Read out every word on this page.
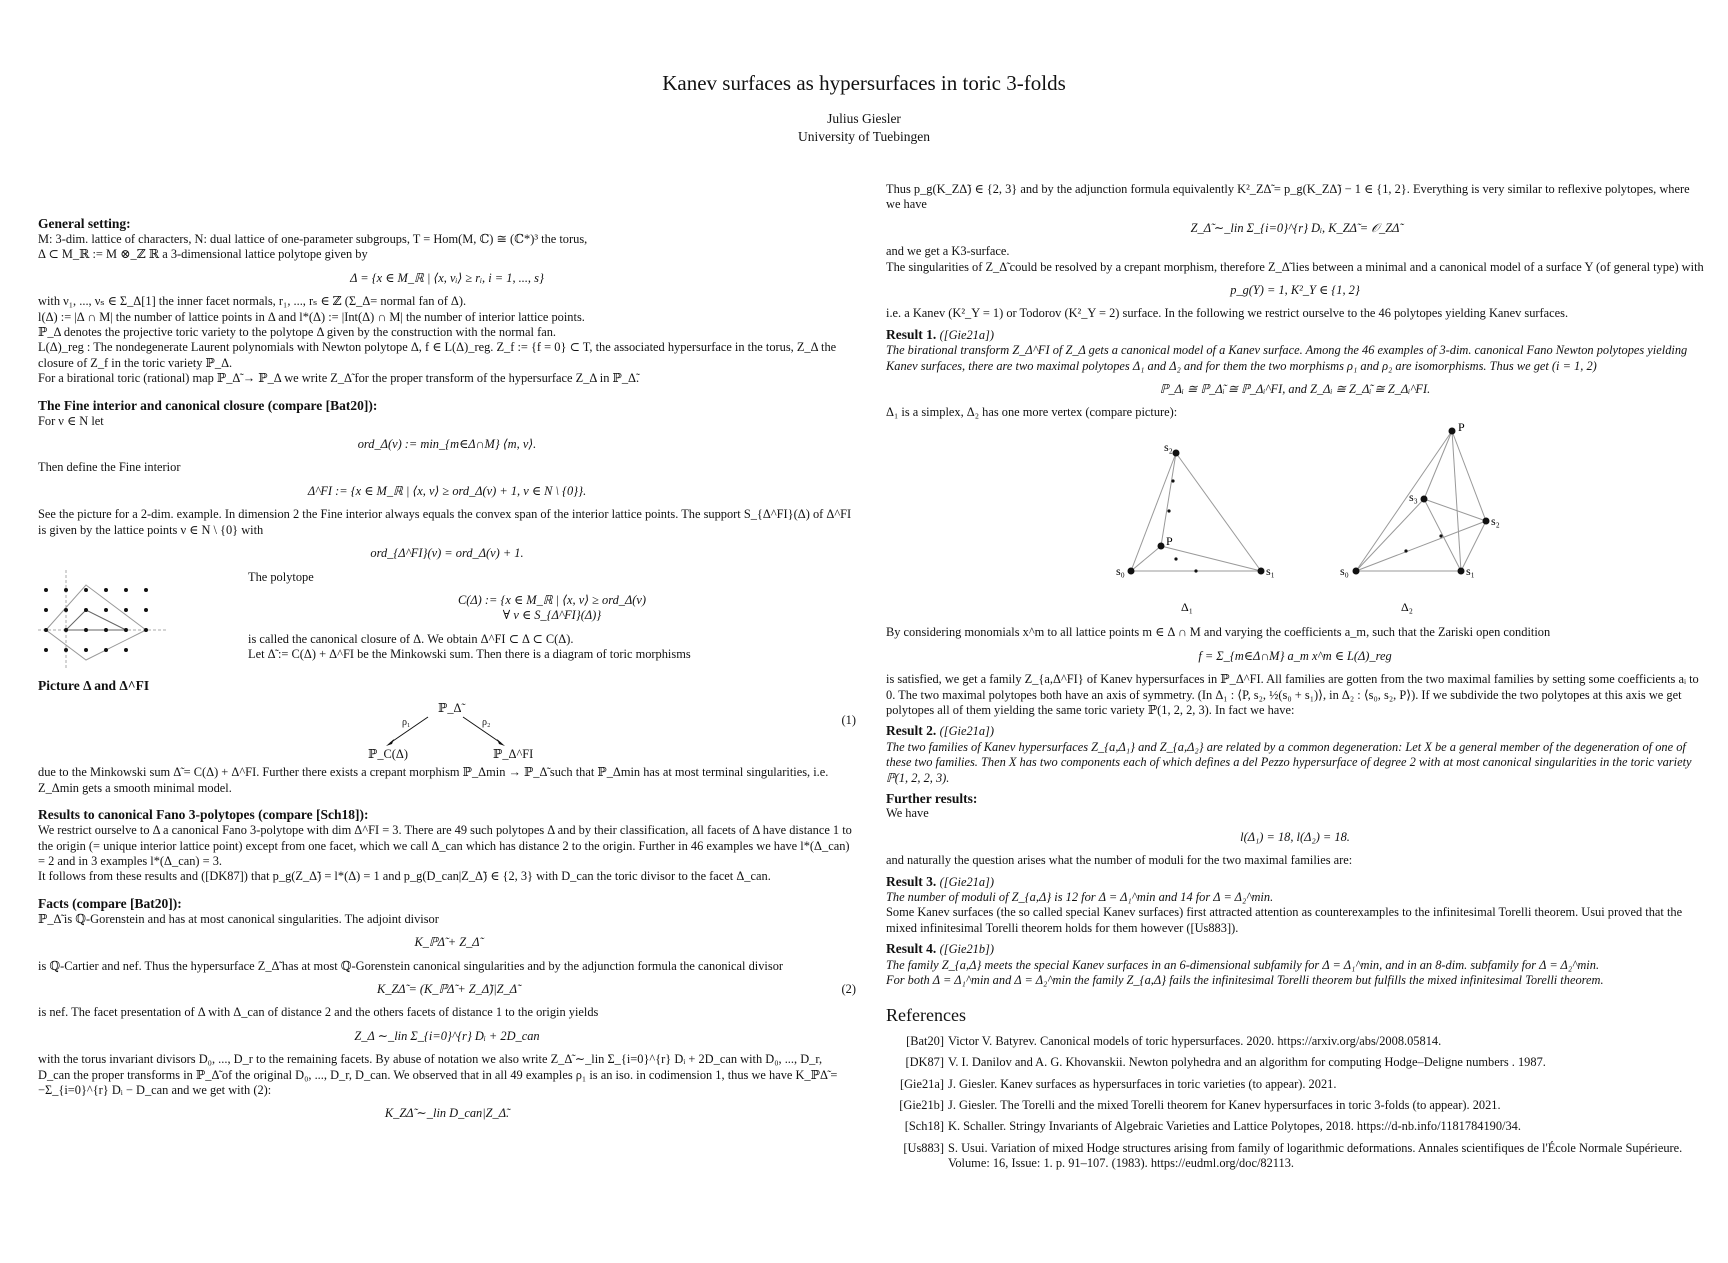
Kanev surfaces as hypersurfaces in toric 3-folds
Julius Giesler
University of Tuebingen
General setting:

M: 3-dim. lattice of characters, N: dual lattice of one-parameter subgroups, T = Hom(M, ℂ) ≅ (ℂ*)³ the torus,

Δ ⊂ M_ℝ := M ⊗_ℤ ℝ a 3-dimensional lattice polytope given by

Δ = {x ∈ M_ℝ | ⟨x, νᵢ⟩ ≥ rᵢ, i = 1, ..., s}

with ν₁, ..., νₛ ∈ Σ_Δ[1] the inner facet normals, r₁, ..., rₛ ∈ ℤ (Σ_Δ= normal fan of Δ).

l(Δ) := |Δ ∩ M| the number of lattice points in Δ and l*(Δ) := |Int(Δ) ∩ M| the number of interior lattice points.

ℙ_Δ denotes the projective toric variety to the polytope Δ given by the construction with the normal fan.

L(Δ)_reg : The nondegenerate Laurent polynomials with Newton polytope Δ, f ∈ L(Δ)_reg. Z_f := {f = 0} ⊂ T, the associated hypersurface in the torus, Z_Δ the closure of Z_f in the toric variety ℙ_Δ.

For a birational toric (rational) map ℙ_Δ̃ → ℙ_Δ we write Z_Δ̃ for the proper transform of the hypersurface Z_Δ in ℙ_Δ̃.

The Fine interior and canonical closure (compare [Bat20]):

For ν ∈ N let

ord_Δ(ν) := min_{m∈Δ∩M} ⟨m, ν⟩.

Then define the Fine interior

Δ^FI := {x ∈ M_ℝ | ⟨x, ν⟩ ≥ ord_Δ(ν) + 1, ν ∈ N \ {0}}.

See the picture for a 2-dim. example. In dimension 2 the Fine interior always equals the convex span of the interior lattice points. The support S_{Δ^FI}(Δ) of Δ^FI is given by the lattice points ν ∈ N \ {0} with

ord_{Δ^FI}(ν) = ord_Δ(ν) + 1.

Picture Δ and Δ^FI

The polytope

C(Δ) := {x ∈ M_ℝ | ⟨x, ν⟩ ≥ ord_Δ(ν)

∀ ν ∈ S_{Δ^FI}(Δ)}

is called the canonical closure of Δ. We obtain Δ^FI ⊂ Δ ⊂ C(Δ).

Let Δ̃ := C(Δ) + Δ^FI be the Minkowski sum. Then there is a diagram of toric morphisms

ℙ_Δ̃
ρ₁	ρ₂
ℙ_C(Δ)	ℙ_Δ^FI
(1)

due to the Minkowski sum Δ̃ = C(Δ) + Δ^FI. Further there exists a crepant morphism ℙ_Δmin → ℙ_Δ̃ such that ℙ_Δmin has at most terminal singularities, i.e. Z_Δmin gets a smooth minimal model.

Results to canonical Fano 3-polytopes (compare [Sch18]):

We restrict ourselve to Δ a canonical Fano 3-polytope with dim Δ^FI = 3. There are 49 such polytopes Δ and by their classification, all facets of Δ have distance 1 to the origin (= unique interior lattice point) except from one facet, which we call Δ_can which has distance 2 to the origin. Further in 46 examples we have l*(Δ_can) = 2 and in 3 examples l*(Δ_can) = 3.

It follows from these results and ([DK87]) that p_g(Z_Δ̃) = l*(Δ) = 1 and p_g(D_can|Z_Δ̃) ∈ {2, 3} with D_can the toric divisor to the facet Δ_can.

Facts (compare [Bat20]):

ℙ_Δ̃ is ℚ-Gorenstein and has at most canonical singularities. The adjoint divisor

K_ℙΔ̃ + Z_Δ̃

is ℚ-Cartier and nef. Thus the hypersurface Z_Δ̃ has at most ℚ-Gorenstein canonical singularities and by the adjunction formula the canonical divisor

K_ZΔ̃ = (K_ℙΔ̃ + Z_Δ̃)|Z_Δ̃	(2)

is nef. The facet presentation of Δ with Δ_can of distance 2 and the others facets of distance 1 to the origin yields

Z_Δ ∼_lin Σ_{i=0}^{r} Dᵢ + 2D_can

with the torus invariant divisors D₀, ..., D_r to the remaining facets. By abuse of notation we also write Z_Δ̃ ∼_lin Σ_{i=0}^{r} Dᵢ + 2D_can with D₀, ..., D_r, D_can the proper transforms in ℙ_Δ̃ of the original D₀, ..., D_r, D_can. We observed that in all 49 examples ρ₁ is an iso. in codimension 1, thus we have K_ℙΔ̃ = −Σ_{i=0}^{r} Dᵢ − D_can and we get with (2):

K_ZΔ̃ ∼_lin D_can|Z_Δ̃.

Thus p_g(K_ZΔ̃) ∈ {2, 3} and by the adjunction formula equivalently K²_ZΔ̃ = p_g(K_ZΔ̃) − 1 ∈ {1, 2}. Everything is very similar to reflexive polytopes, where we have

Z_Δ̃ ∼_lin Σ_{i=0}^{r} Dᵢ, K_ZΔ̃ = 𝒪_ZΔ̃

and we get a K3-surface.

The singularities of Z_Δ̃ could be resolved by a crepant morphism, therefore Z_Δ̃ lies between a minimal and a canonical model of a surface Y (of general type) with

p_g(Y) = 1, K²_Y ∈ {1, 2}

i.e. a Kanev (K²_Y = 1) or Todorov (K²_Y = 2) surface. In the following we restrict ourselve to the 46 polytopes yielding Kanev surfaces.

Result 1. ([Gie21a])

The birational transform Z_Δ^FI of Z_Δ gets a canonical model of a Kanev surface. Among the 46 examples of 3-dim. canonical Fano Newton polytopes yielding Kanev surfaces, there are two maximal polytopes Δ₁ and Δ₂ and for them the two morphisms ρ₁ and ρ₂ are isomorphisms. Thus we get (i = 1, 2)

ℙ_Δᵢ ≅ ℙ_Δ̃ᵢ ≅ ℙ_Δᵢ^FI, and Z_Δᵢ ≅ Z_Δ̃ᵢ ≅ Z_Δᵢ^FI.

Δ₁ is a simplex, Δ₂ has one more vertex (compare picture):

s₂
s₀	s₁
P
Δ₁
P
s₀	s₁
s₂
s₃
Δ₂

By considering monomials x^m to all lattice points m ∈ Δ ∩ M and varying the coefficients a_m, such that the Zariski open condition

f = Σ_{m∈Δ∩M} a_m x^m ∈ L(Δ)_reg

is satisfied, we get a family Z_{a,Δ^FI} of Kanev hypersurfaces in ℙ_Δ^FI. All families are gotten from the two maximal families by setting some coefficients aᵢ to 0. The two maximal polytopes both have an axis of symmetry. (In Δ₁ : ⟨P, s₂, ½(s₀ + s₁)⟩, in Δ₂ : ⟨s₀, s₂, P⟩). If we subdivide the two polytopes at this axis we get polytopes all of them yielding the same toric variety ℙ(1, 2, 2, 3). In fact we have:

Result 2. ([Gie21a])

The two families of Kanev hypersurfaces Z_{a,Δ₁} and Z_{a,Δ₂} are related by a common degeneration: Let X be a general member of the degeneration of one of these two families. Then X has two components each of which defines a del Pezzo hypersurface of degree 2 with at most canonical singularities in the toric variety ℙ(1, 2, 2, 3).

Further results:

We have

l(Δ₁) = 18, l(Δ₂) = 18.

and naturally the question arises what the number of moduli for the two maximal families are:

Result 3. ([Gie21a])

The number of moduli of Z_{a,Δ} is 12 for Δ = Δ₁^min and 14 for Δ = Δ₂^min.

Some Kanev surfaces (the so called special Kanev surfaces) first attracted attention as counterexamples to the infinitesimal Torelli theorem. Usui proved that the mixed infinitesimal Torelli theorem holds for them however ([Us883]).

Result 4. ([Gie21b])

The family Z_{a,Δ} meets the special Kanev surfaces in an 6-dimensional subfamily for Δ = Δ₁^min, and in an 8-dim. subfamily for Δ = Δ₂^min.

For both Δ = Δ₁^min and Δ = Δ₂^min the family Z_{a,Δ} fails the infinitesimal Torelli theorem but fulfills the mixed infinitesimal Torelli theorem.

References
[Bat20] Victor V. Batyrev. Canonical models of toric hypersurfaces. 2020. https://arxiv.org/abs/2008.05814.
[DK87] V. I. Danilov and A. G. Khovanskii. Newton polyhedra and an algorithm for computing Hodge–Deligne numbers . 1987.
[Gie21a] J. Giesler. Kanev surfaces as hypersurfaces in toric varieties (to appear). 2021.
[Gie21b] J. Giesler. The Torelli and the mixed Torelli theorem for Kanev hypersurfaces in toric 3-folds (to appear). 2021.
[Sch18] K. Schaller. Stringy Invariants of Algebraic Varieties and Lattice Polytopes, 2018. https://d-nb.info/1181784190/34.
[Us883] S. Usui. Variation of mixed Hodge structures arising from family of logarithmic deformations. Annales scientifiques de l'École Normale Supérieure. Volume: 16, Issue: 1. p. 91–107. (1983). https://eudml.org/doc/82113.
